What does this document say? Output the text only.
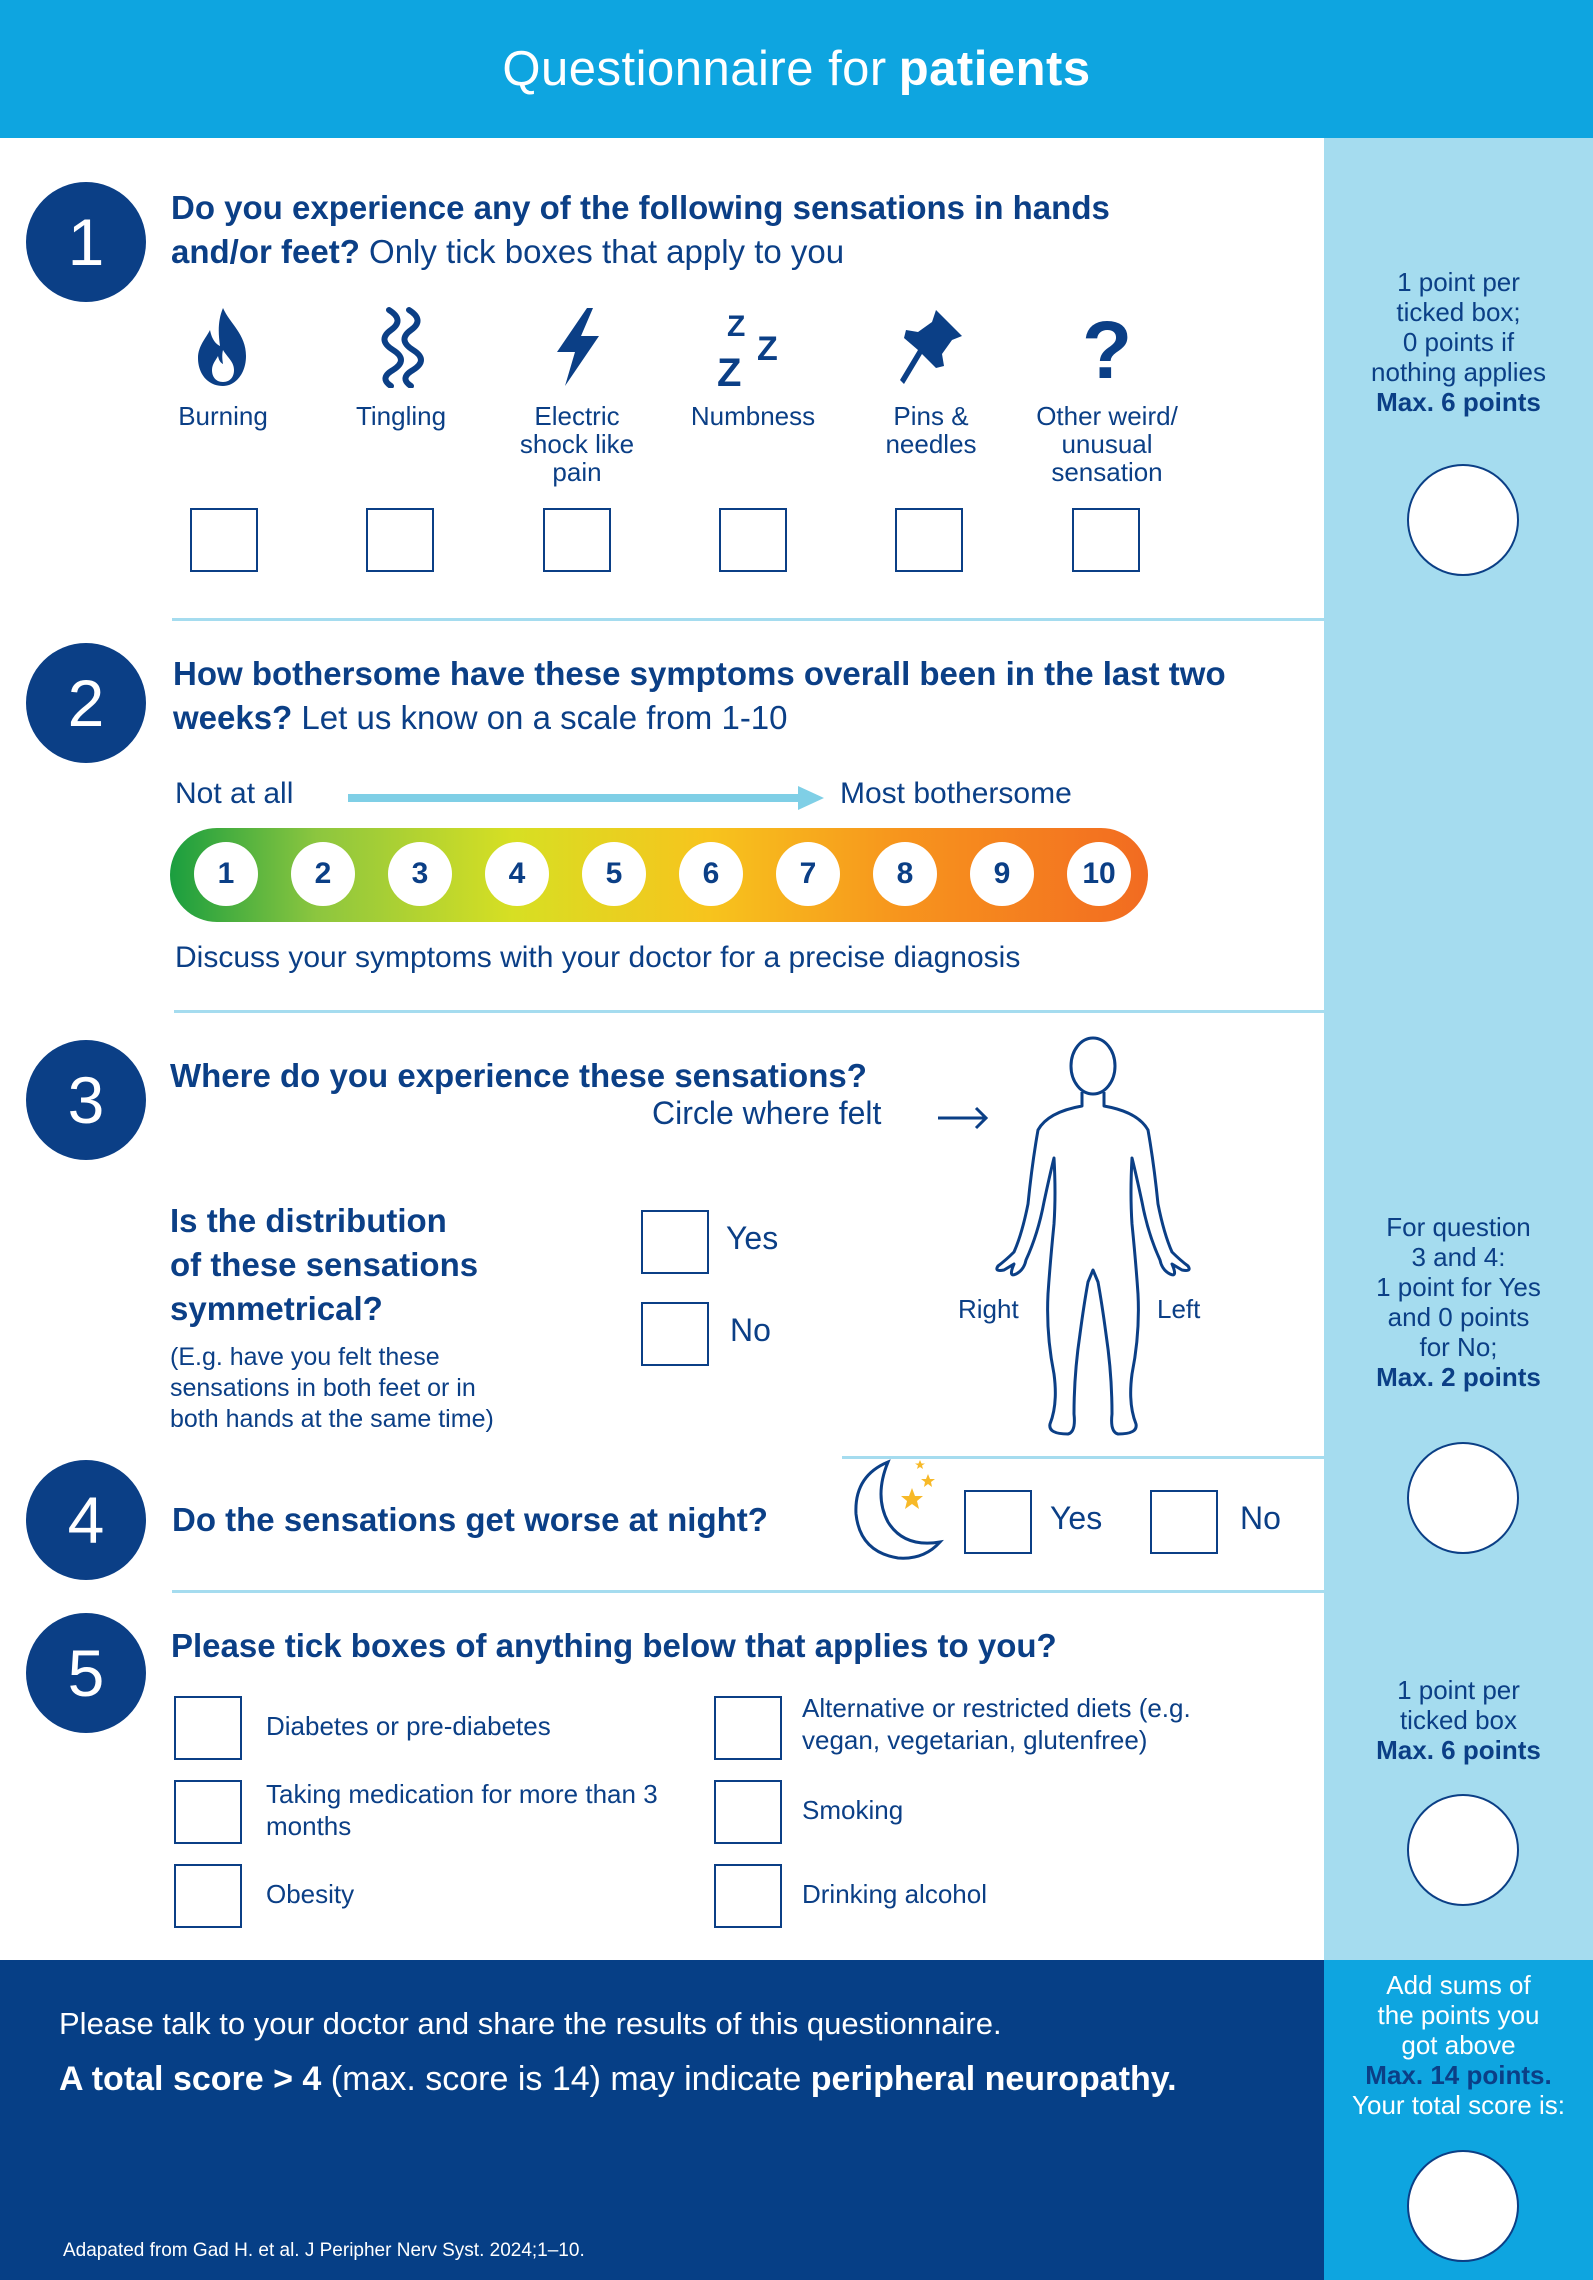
Questionnaire for patients
1	Do you experience any of the following sensations in hands and/or feet? Only tick boxes that apply to you
Burning	Tingling	Electric shock like pain
Z
Z
Z
Numbness	Pins & needles
?
Other weird/ unusual sensation
1 point per
ticked box;
0 points if
nothing applies
Max. 6 points
2	How bothersome have these symptoms overall been in the last two weeks? Let us know on a scale from 1-10
Not at all	Most bothersome
1	2	3	4	5	6	7	8	9	10
Discuss your symptoms with your doctor for a precise diagnosis
3	Where do you experience these sensations?
Circle where felt
Is the distribution
of these sensations
symmetrical?
(E.g. have you felt these
sensations in both feet or in
both hands at the same time)
Yes
No
Right	Left
For question
3 and 4:
1 point for Yes
and 0 points
for No;
Max. 2 points
4	Do the sensations get worse at night?	Yes	No
5	Please tick boxes of anything below that applies to you?
Diabetes or pre-diabetes
Taking medication for more than 3 months
Obesity
Alternative or restricted diets (e.g. vegan, vegetarian, glutenfree)
Smoking
Drinking alcohol
1 point per
ticked box
Max. 6 points
Please talk to your doctor and share the results of this questionnaire.
A total score > 4 (max. score is 14) may indicate peripheral neuropathy.
Adapated from Gad H. et al. J Peripher Nerv Syst. 2024;1–10.
Add sums of
the points you
got above
Max. 14 points.
Your total score is:
